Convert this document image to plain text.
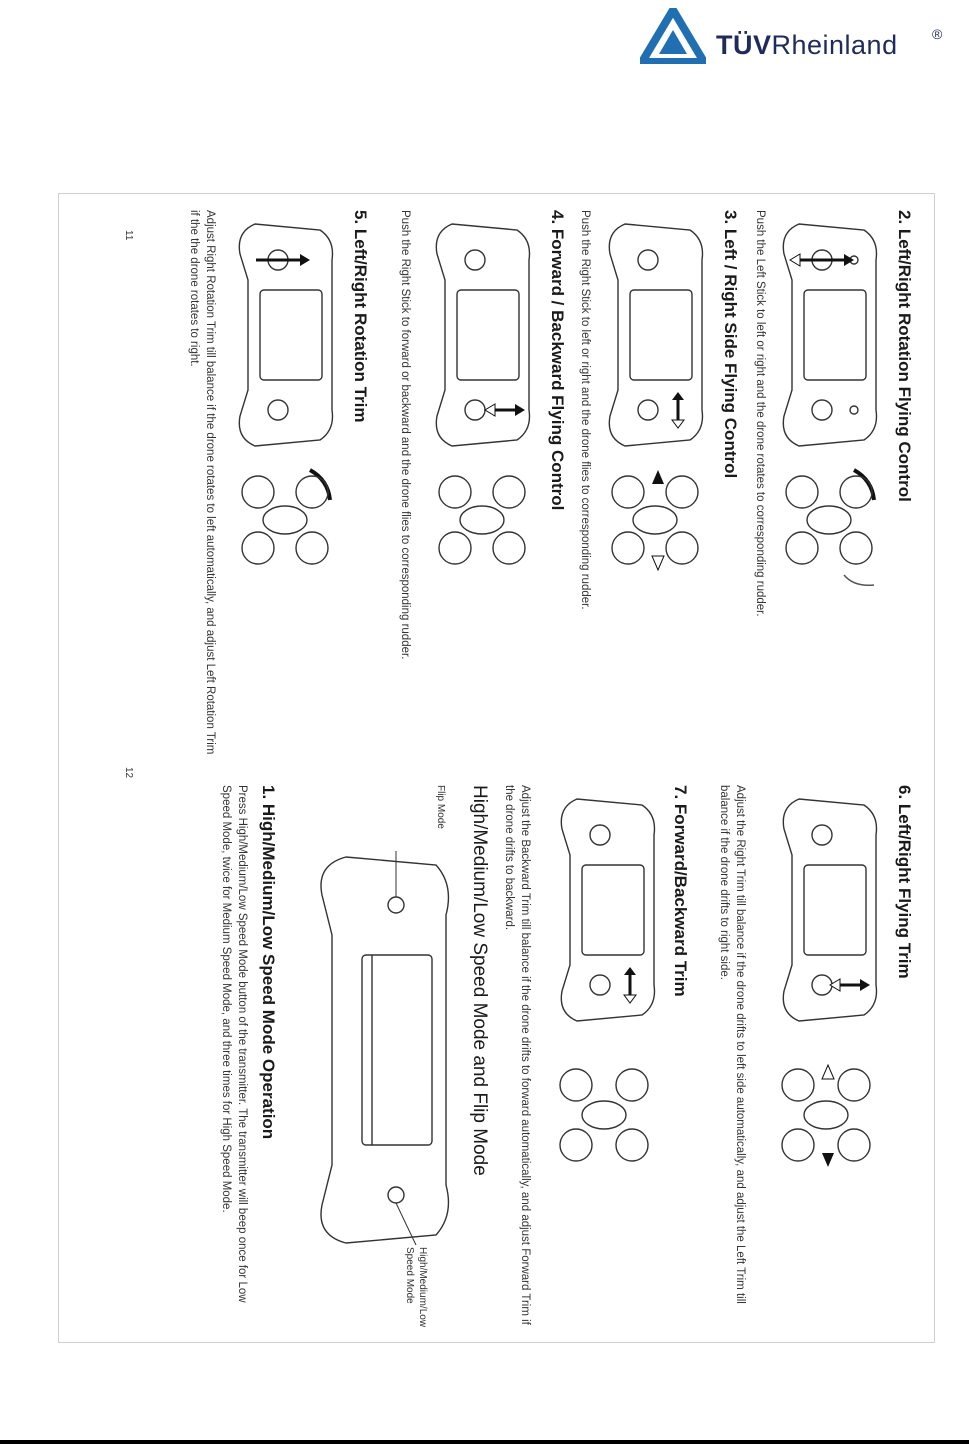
TÜVRheinland ®
2. Left/Right Rotation Flying Control
Push the Left Stick to left or right and the drone rotates to corresponding rudder.
3. Left / Right Side Flying Control
Push the Right Stick to left or right and the drone flies to corresponding rudder.
4. Forward / Backward Flying Control
Push the Right Stick to forward or backward and the drone flies to corresponding rudder.
5. Left/Right Rotation Trim
Adjust Right Rotation Trim till balance if the drone rotates to left automatically, and adjust Left Rotation Trim if the the drone rotates to right.
11
6. Left/Right Flying Trim
Adjust the Right Trim till balance if the drone drifts to left side automatically, and adjust the Left Trim till balance if the drone drifts to right side.
7. Forward/Backward Trim
Adjust the Backward Trim till balance if the drone drifts to forward automatically, and adjust Forward Trim if the drone drifts to backward.
High/Medium/Low Speed Mode and Flip Mode
Flip Mode
High/Medium/Low
Speed Mode
1. High/Medium/Low Speed Mode Operation
Press High/Medium/Low Speed Mode button of the transmitter. The transmitter will beep once for Low Speed Mode, twice for Medium Speed Mode, and three times for High Speed Mode.
12
